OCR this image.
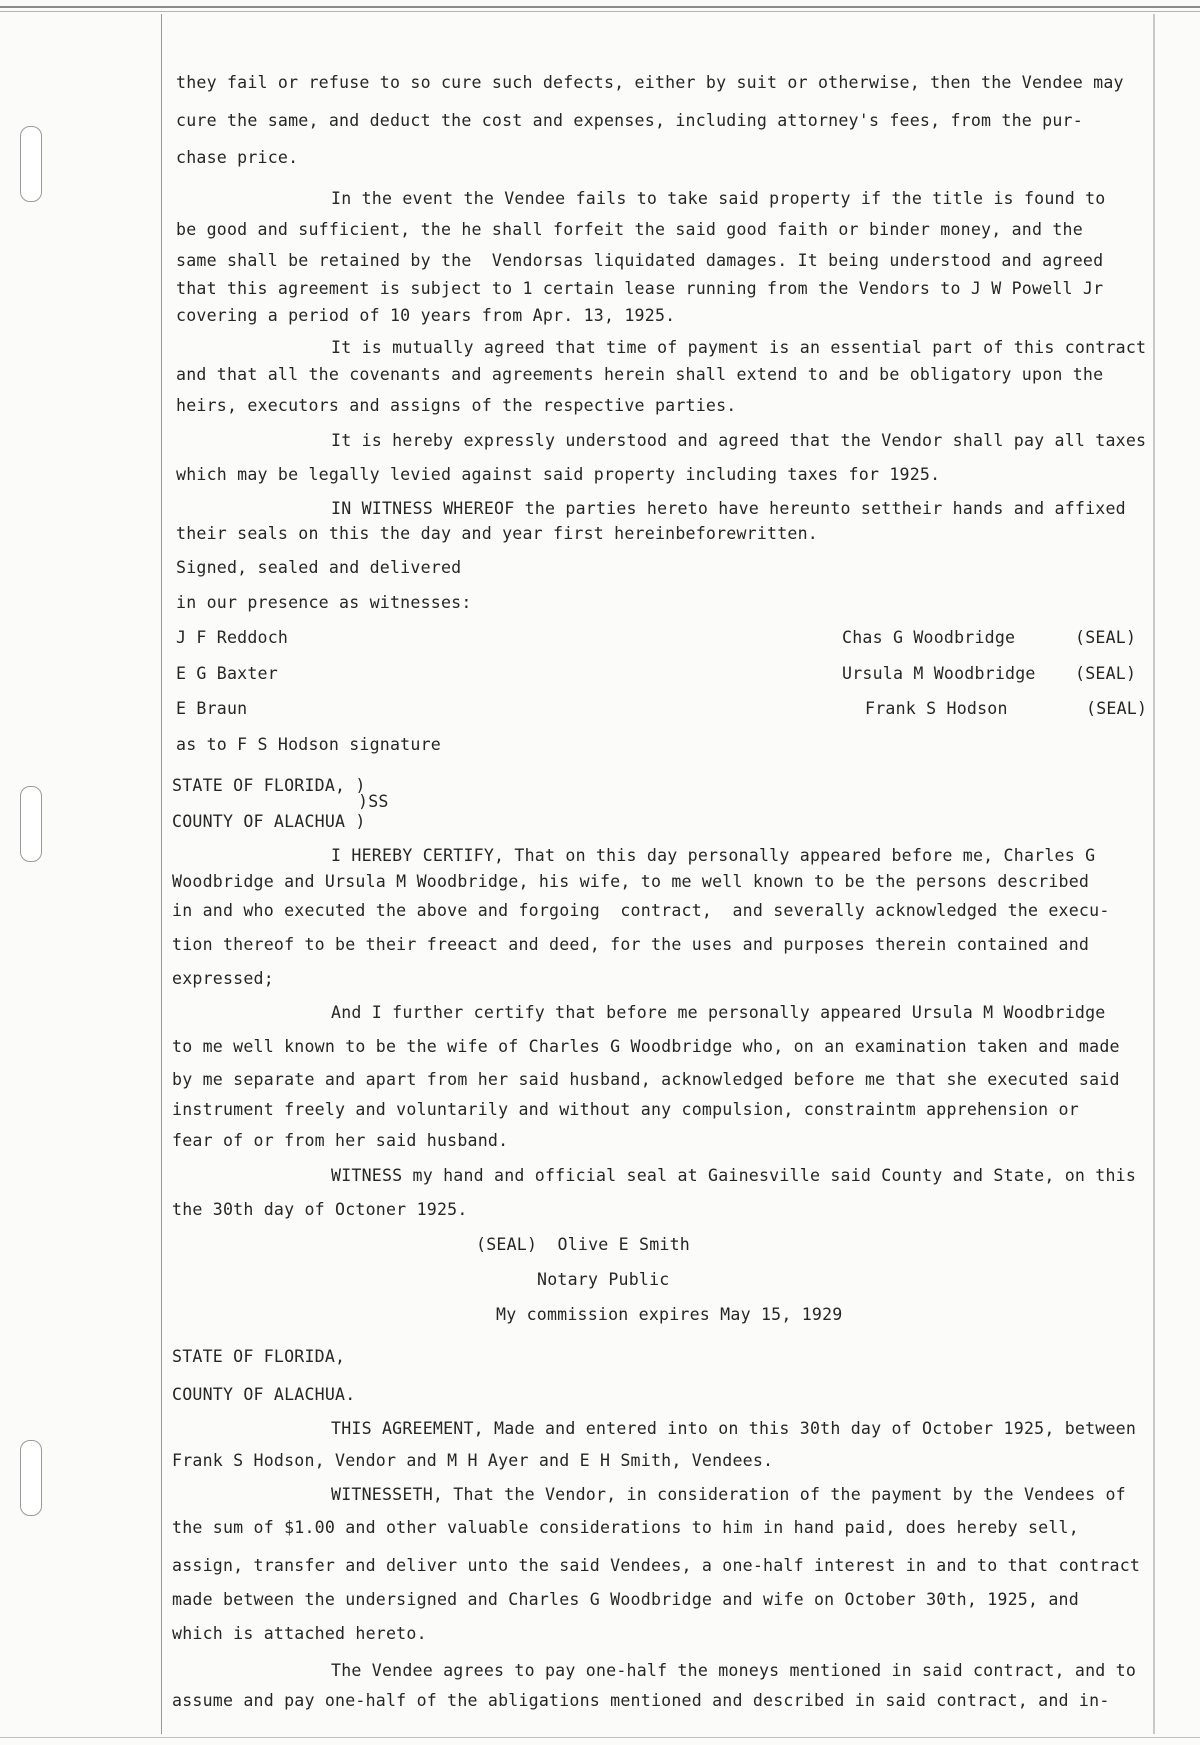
they fail or refuse to so cure such defects, either by suit or otherwise, then the Vendee may
cure the same, and deduct the cost and expenses, including attorney's fees, from the pur-
chase price.
In the event the Vendee fails to take said property if the title is found to
be good and sufficient, the he shall forfeit the said good faith or binder money, and the
same shall be retained by the  Vendorsas liquidated damages. It being understood and agreed
that this agreement is subject to 1 certain lease running from the Vendors to J W Powell Jr
covering a period of 10 years from Apr. 13, 1925.
It is mutually agreed that time of payment is an essential part of this contract
and that all the covenants and agreements herein shall extend to and be obligatory upon the
heirs, executors and assigns of the respective parties.
It is hereby expressly understood and agreed that the Vendor shall pay all taxes
which may be legally levied against said property including taxes for 1925.
IN WITNESS WHEREOF the parties hereto have hereunto settheir hands and affixed
their seals on this the day and year first hereinbeforewritten.
Signed, sealed and delivered
in our presence as witnesses:
J F Reddoch
E G Baxter
E Braun
as to F S Hodson signature
Chas G Woodbridge	(SEAL)
Ursula M Woodbridge (SEAL)
Frank S Hodson	(SEAL)
STATE OF FLORIDA, )
)SS
COUNTY OF ALACHUA )
I HEREBY CERTIFY, That on this day personally appeared before me, Charles G
Woodbridge and Ursula M Woodbridge, his wife, to me well known to be the persons described
in and who executed the above and forgoing  contract,  and severally acknowledged the execu-
tion thereof to be their freeact and deed, for the uses and purposes therein contained and
expressed;
And I further certify that before me personally appeared Ursula M Woodbridge
to me well known to be the wife of Charles G Woodbridge who, on an examination taken and made
by me separate and apart from her said husband, acknowledged before me that she executed said
instrument freely and voluntarily and without any compulsion, constraintm apprehension or
fear of or from her said husband.
WITNESS my hand and official seal at Gainesville said County and State, on this
the 30th day of Octoner 1925.
(SEAL)  Olive E Smith
Notary Public
My commission expires May 15, 1929
STATE OF FLORIDA,
COUNTY OF ALACHUA.
THIS AGREEMENT, Made and entered into on this 30th day of October 1925, between
Frank S Hodson, Vendor and M H Ayer and E H Smith, Vendees.
WITNESSETH, That the Vendor, in consideration of the payment by the Vendees of
the sum of $1.00 and other valuable considerations to him in hand paid, does hereby sell,
assign, transfer and deliver unto the said Vendees, a one-half interest in and to that contract
made between the undersigned and Charles G Woodbridge and wife on October 30th, 1925, and
which is attached hereto.
The Vendee agrees to pay one-half the moneys mentioned in said contract, and to
assume and pay one-half of the abligations mentioned and described in said contract, and in-
